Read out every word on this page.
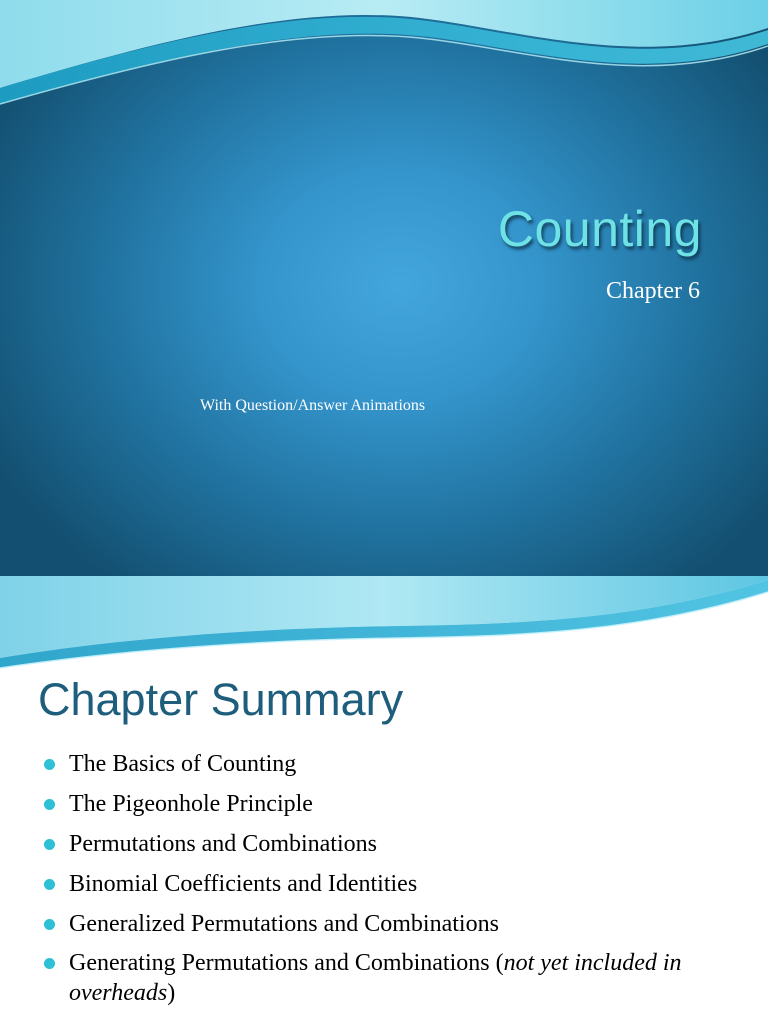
Counting
Chapter 6
With Question/Answer Animations
Chapter Summary
The Basics of Counting
The Pigeonhole Principle
Permutations and Combinations
Binomial Coefficients and Identities
Generalized Permutations and Combinations
Generating Permutations and Combinations (not yet included in overheads)
